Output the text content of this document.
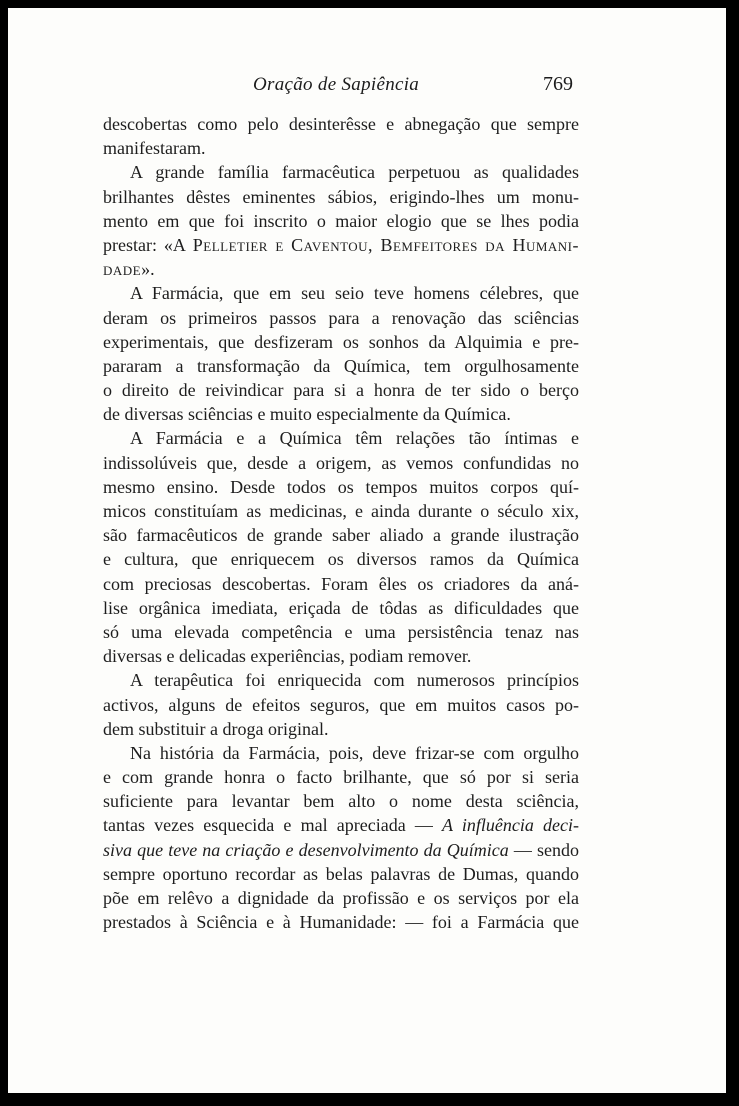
Oração de Sapiência	769
descobertas como pelo desinterêsse e abnegação que sempre
manifestaram.
A grande família farmacêutica perpetuou as qualidades
brilhantes dêstes eminentes sábios, erigindo-lhes um monu-
mento em que foi inscrito o maior elogio que se lhes podia
prestar: «A Pelletier e Caventou, Bemfeitores da Humani-
dade».
A Farmácia, que em seu seio teve homens célebres, que
deram os primeiros passos para a renovação das sciências
experimentais, que desfizeram os sonhos da Alquimia e pre-
pararam a transformação da Química, tem orgulhosamente
o direito de reivindicar para si a honra de ter sido o berço
de diversas sciências e muito especialmente da Química.
A Farmácia e a Química têm relações tão íntimas e
indissolúveis que, desde a origem, as vemos confundidas no
mesmo ensino. Desde todos os tempos muitos corpos quí-
micos constituíam as medicinas, e ainda durante o século xix,
são farmacêuticos de grande saber aliado a grande ilustração
e cultura, que enriquecem os diversos ramos da Química
com preciosas descobertas. Foram êles os criadores da aná-
lise orgânica imediata, eriçada de tôdas as dificuldades que
só uma elevada competência e uma persistência tenaz nas
diversas e delicadas experiências, podiam remover.
A terapêutica foi enriquecida com numerosos princípios
activos, alguns de efeitos seguros, que em muitos casos po-
dem substituir a droga original.
Na história da Farmácia, pois, deve frizar-se com orgulho
e com grande honra o facto brilhante, que só por si seria
suficiente para levantar bem alto o nome desta sciência,
tantas vezes esquecida e mal apreciada — A influência deci-
siva que teve na criação e desenvolvimento da Química — sendo
sempre oportuno recordar as belas palavras de Dumas, quando
põe em relêvo a dignidade da profissão e os serviços por ela
prestados à Sciência e à Humanidade: — foi a Farmácia que
